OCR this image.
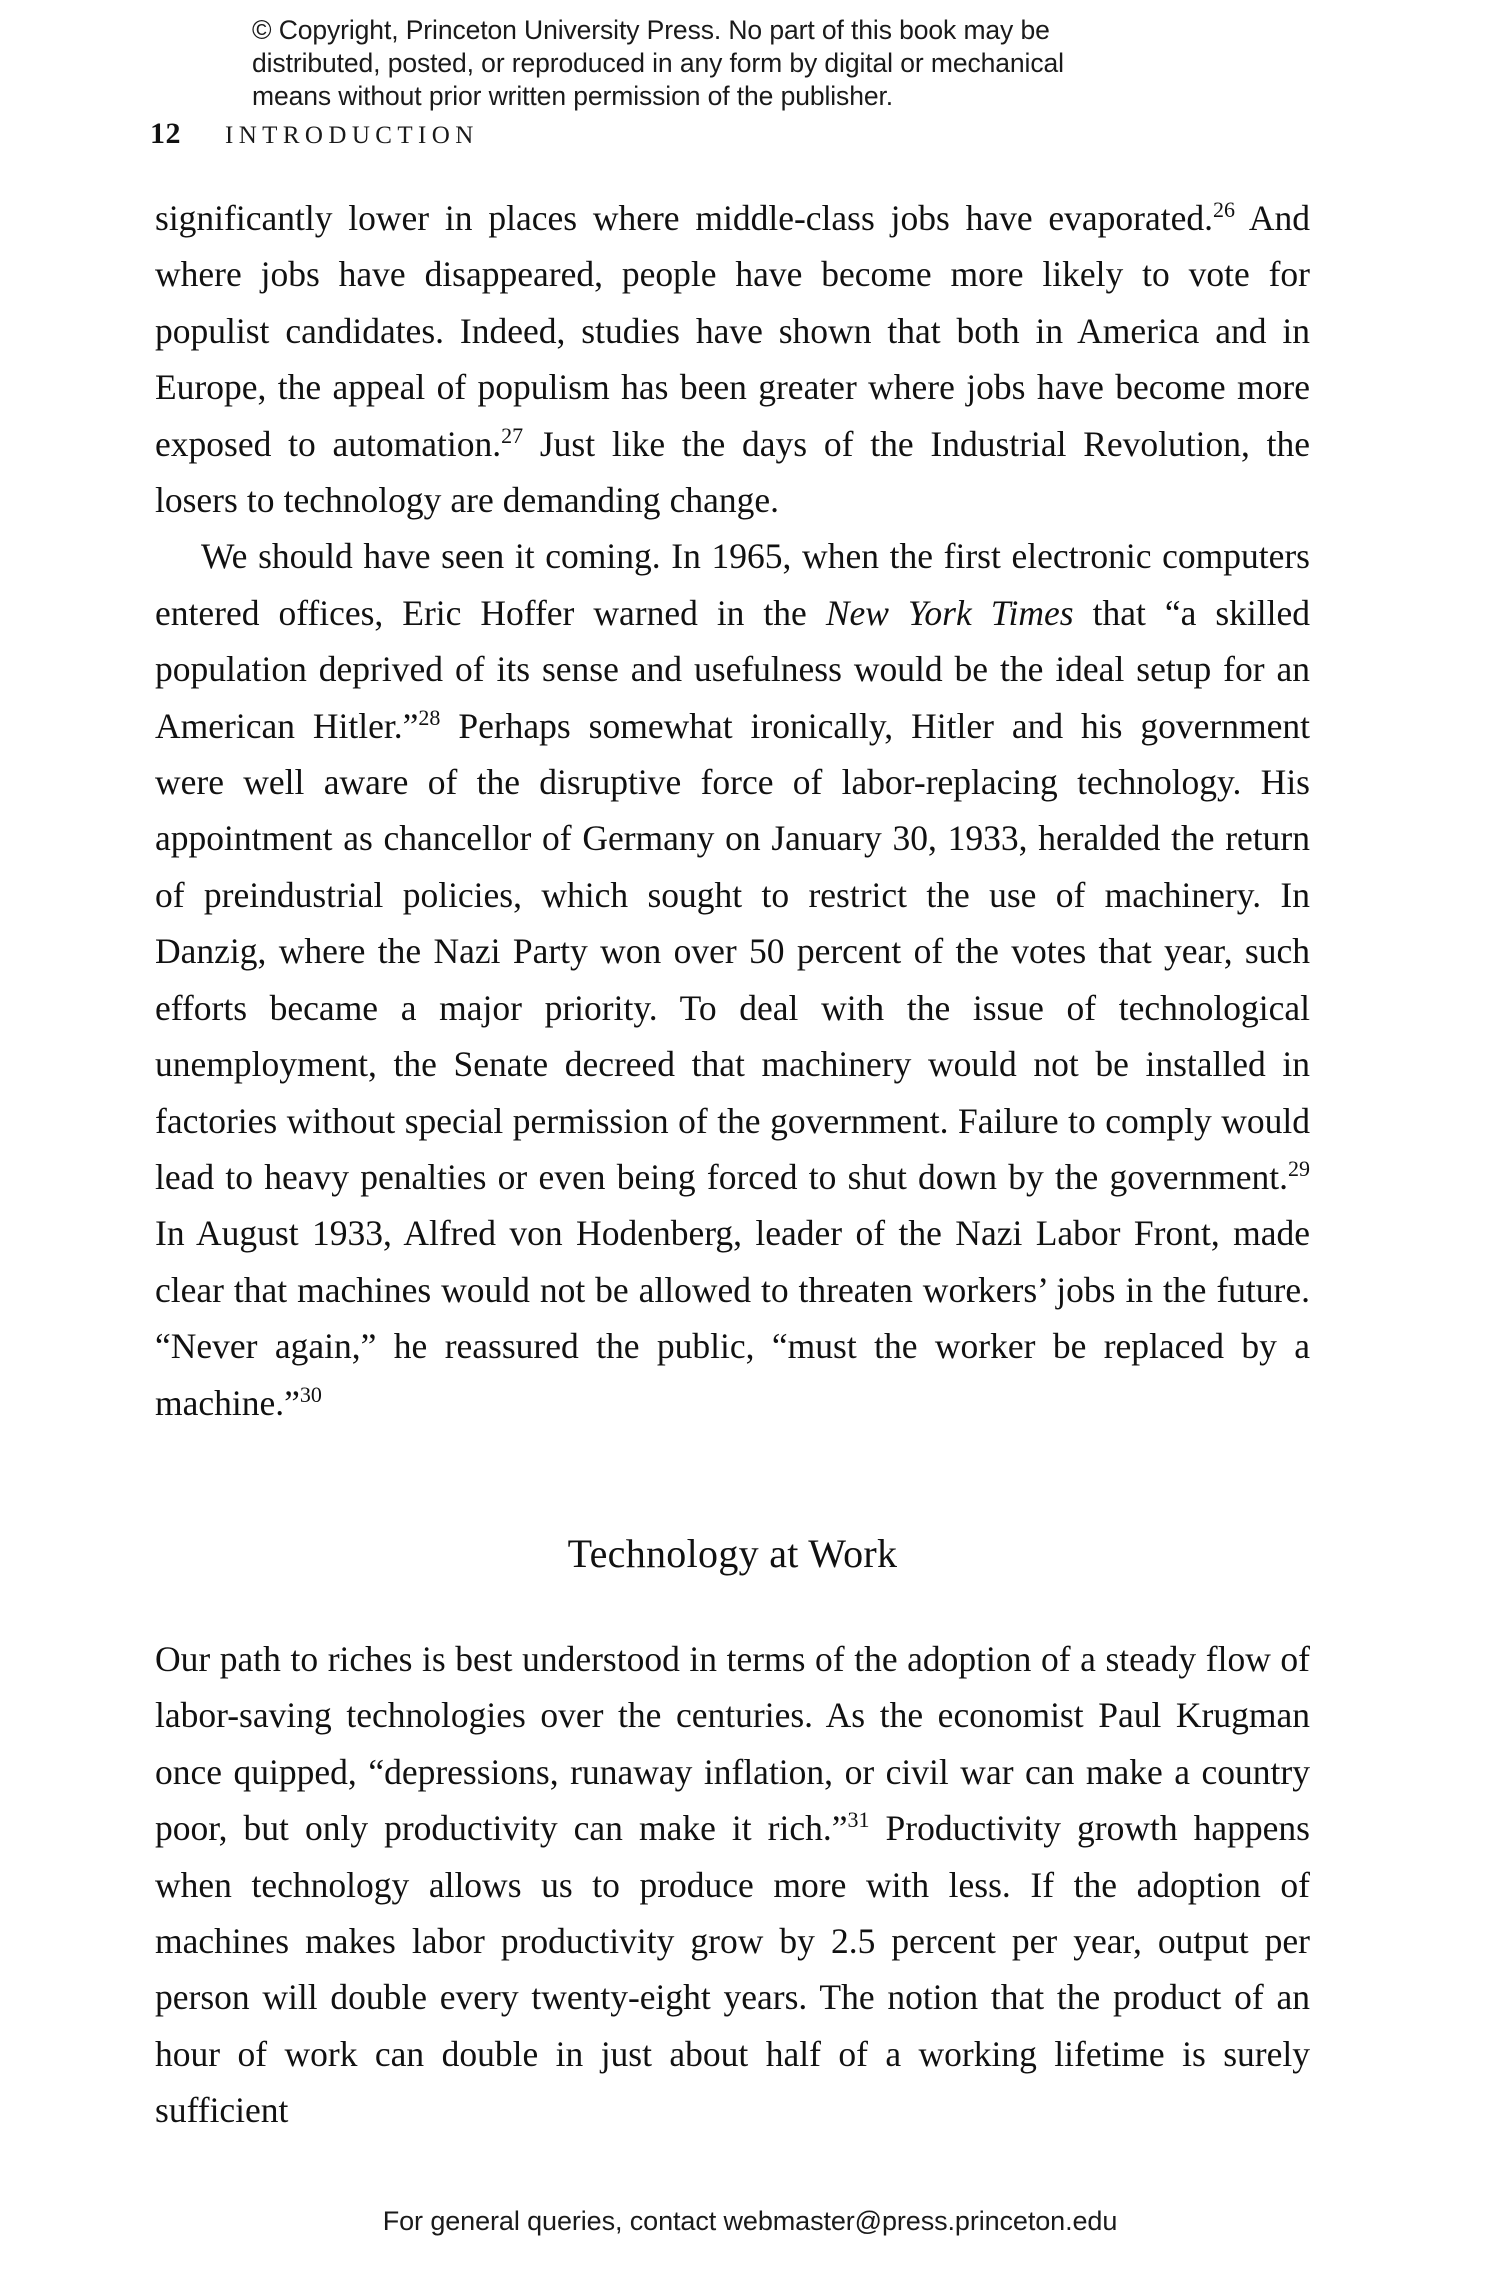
© Copyright, Princeton University Press. No part of this book may be
distributed, posted, or reproduced in any form by digital or mechanical
means without prior written permission of the publisher.
12 INTRODUCTION

significantly lower in places where middle-class jobs have evaporated.$^{26}$ And where jobs have disappeared, people have become more likely to vote for populist candidates. Indeed, studies have shown that both in America and in Europe, the appeal of populism has been greater where jobs have become more exposed to automation.$^{27}$ Just like the days of the Industrial Revolution, the losers to technology are demanding change.

We should have seen it coming. In 1965, when the first electronic computers entered offices, Eric Hoffer warned in the New York Times that “a skilled population deprived of its sense and usefulness would be the ideal setup for an American Hitler.”$^{28}$ Perhaps somewhat ironically, Hitler and his government were well aware of the disruptive force of labor-replacing technology. His appointment as chancellor of Germany on January 30, 1933, heralded the return of preindustrial policies, which sought to restrict the use of machinery. In Danzig, where the Nazi Party won over 50 percent of the votes that year, such efforts became a major priority. To deal with the issue of technological unemployment, the Senate decreed that machinery would not be installed in factories without special permission of the government. Failure to comply would lead to heavy penalties or even being forced to shut down by the government.$^{29}$ In August 1933, Alfred von Hodenberg, leader of the Nazi Labor Front, made clear that machines would not be allowed to threaten workers’ jobs in the future. “Never again,” he reassured the public, “must the worker be replaced by a machine.”$^{30}$

Technology at Work

Our path to riches is best understood in terms of the adoption of a steady flow of labor-saving technologies over the centuries. As the economist Paul Krugman once quipped, “depressions, runaway inflation, or civil war can make a country poor, but only productivity can make it rich.”$^{31}$ Productivity growth happens when technology allows us to produce more with less. If the adoption of machines makes labor productivity grow by 2.5 percent per year, output per person will double every twenty-eight years. The notion that the product of an hour of work can double in just about half of a working lifetime is surely sufficient

For general queries, contact webmaster@press.princeton.edu
